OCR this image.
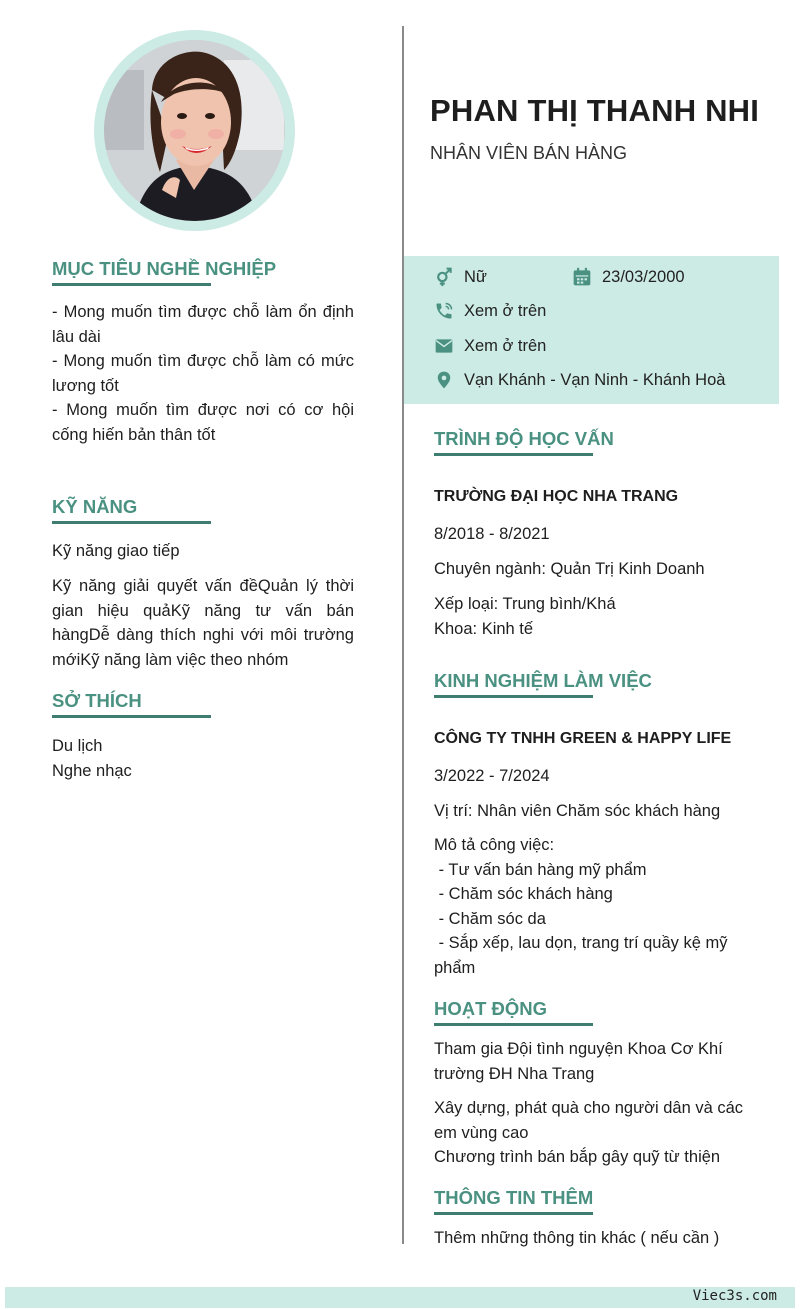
PHAN THỊ THANH NHI
NHÂN VIÊN BÁN HÀNG
Nữ	23/03/2000
Xem ở trên
Xem ở trên
Vạn Khánh - Vạn Ninh - Khánh Hoà
MỤC TIÊU NGHỀ NGHIỆP
- Mong muốn tìm được chỗ làm ổn định lâu dài
- Mong muốn tìm được chỗ làm có mức lương tốt
- Mong muốn tìm được nơi có cơ hội cống hiến bản thân tốt
KỸ NĂNG
Kỹ năng giao tiếp
Kỹ năng giải quyết vấn đềQuản lý thời gian hiệu quảKỹ năng tư vấn bán hàngDễ dàng thích nghi với môi trường mớiKỹ năng làm việc theo nhóm
SỞ THÍCH
Du lịch
Nghe nhạc
TRÌNH ĐỘ HỌC VẤN
TRƯỜNG ĐẠI HỌC NHA TRANG
8/2018 - 8/2021
Chuyên ngành: Quản Trị Kinh Doanh
Xếp loại: Trung bình/Khá
Khoa: Kinh tế
KINH NGHIỆM LÀM VIỆC
CÔNG TY TNHH GREEN & HAPPY LIFE
3/2022 - 7/2024
Vị trí: Nhân viên Chăm sóc khách hàng
Mô tả công việc:
- Tư vấn bán hàng mỹ phẩm
- Chăm sóc khách hàng
- Chăm sóc da
- Sắp xếp, lau dọn, trang trí quầy kệ mỹ phẩm
HOẠT ĐỘNG
Tham gia Đội tình nguyện Khoa Cơ Khí trường ĐH Nha Trang
Xây dựng, phát quà cho người dân và các em vùng cao
Chương trình bán bắp gây quỹ từ thiện
THÔNG TIN THÊM
Thêm những thông tin khác ( nếu cần )
Viec3s.com
